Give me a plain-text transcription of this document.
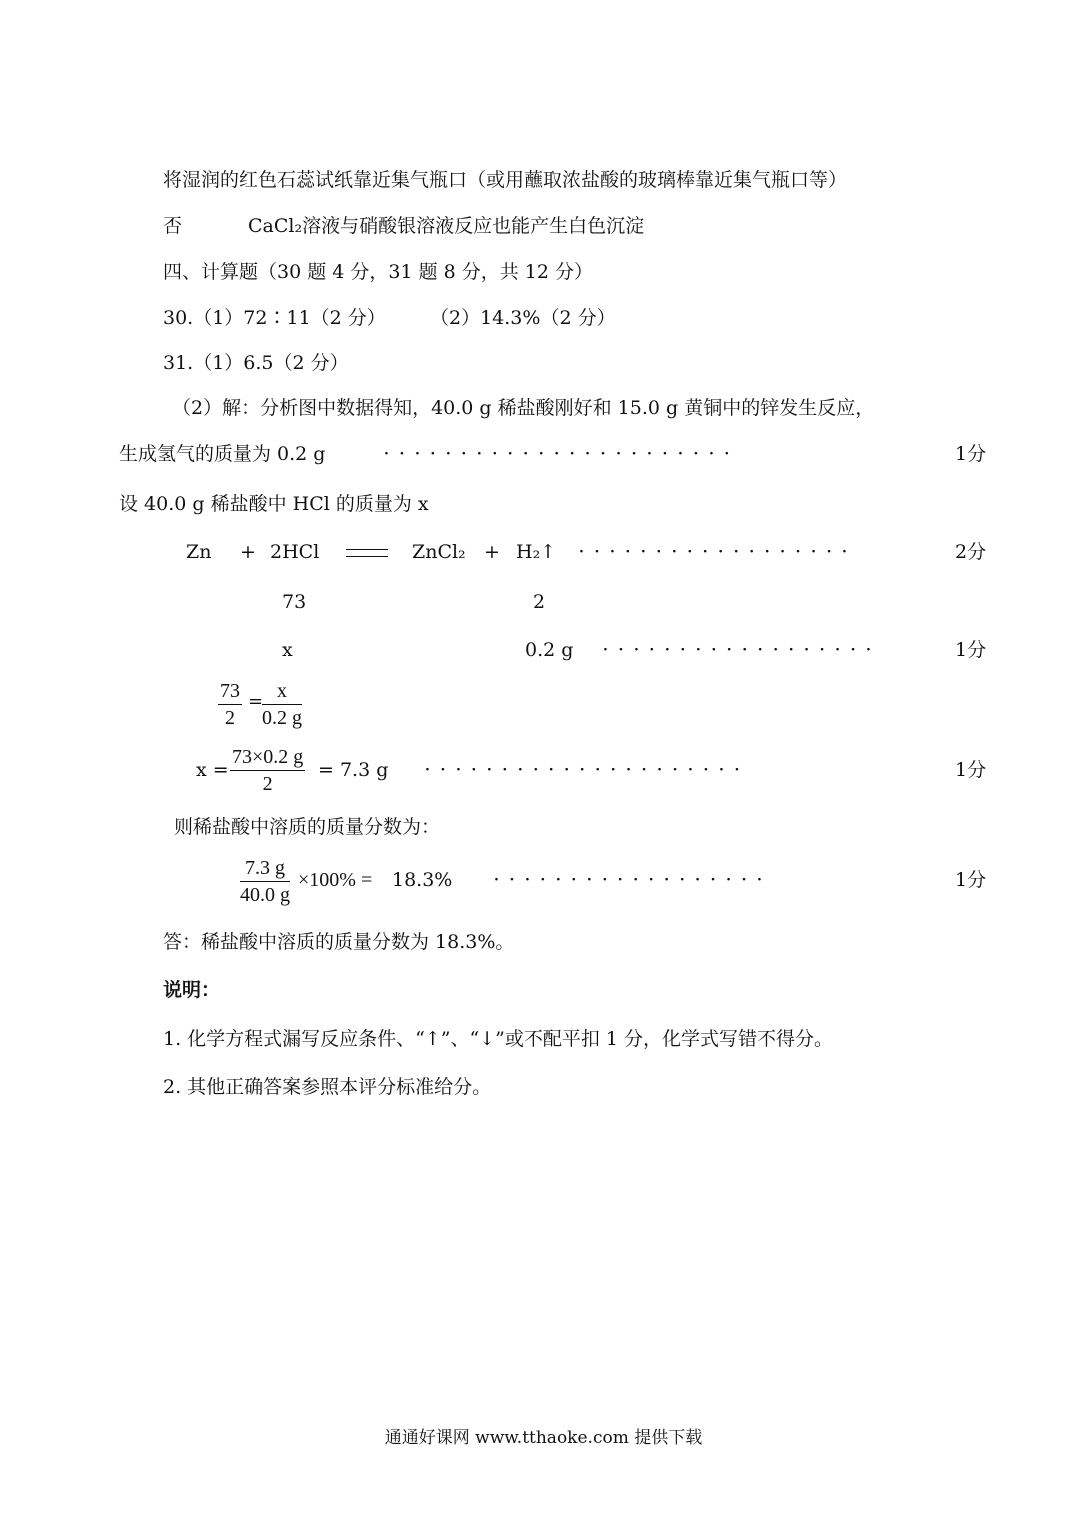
将湿润的红色石蕊试纸靠近集气瓶口（或用蘸取浓盐酸的玻璃棒靠近集气瓶口等）
否	CaCl₂溶液与硝酸银溶液反应也能产生白色沉淀
四、计算题（30 题 4 分，31 题 8 分，共 12 分）
30.（1）72∶11（2 分） （2）14.3%（2 分）
31.（1）6.5（2 分）
（2）解：分析图中数据得知，40.0 g 稀盐酸刚好和 15.0 g 黄铜中的锌发生反应，
生成氢气的质量为 0.2 g	·······················	1分
设 40.0 g 稀盐酸中 HCl 的质量为 x
Zn + 2HCl	ZnCl₂ + H₂↑ ··················	2分
73	2
x	0.2 g ··················	1分
$\frac{73}{2}$ =
$\frac{x}{0.2 g}$
$x = \frac{73\times 0.2 g}{2} = 7.3$ g	·····················	1分
则稀盐酸中溶质的质量分数为：
$\frac{7.3 g}{40.0 g} \times 100\% = 18.3\%$	··················	1分
答：稀盐酸中溶质的质量分数为 18.3%。
说明：
1. 化学方程式漏写反应条件、“↑”、“↓”或不配平扣 1 分，化学式写错不得分。
2. 其他正确答案参照本评分标准给分。
通通好课网 www.tthaoke.com 提供下载
